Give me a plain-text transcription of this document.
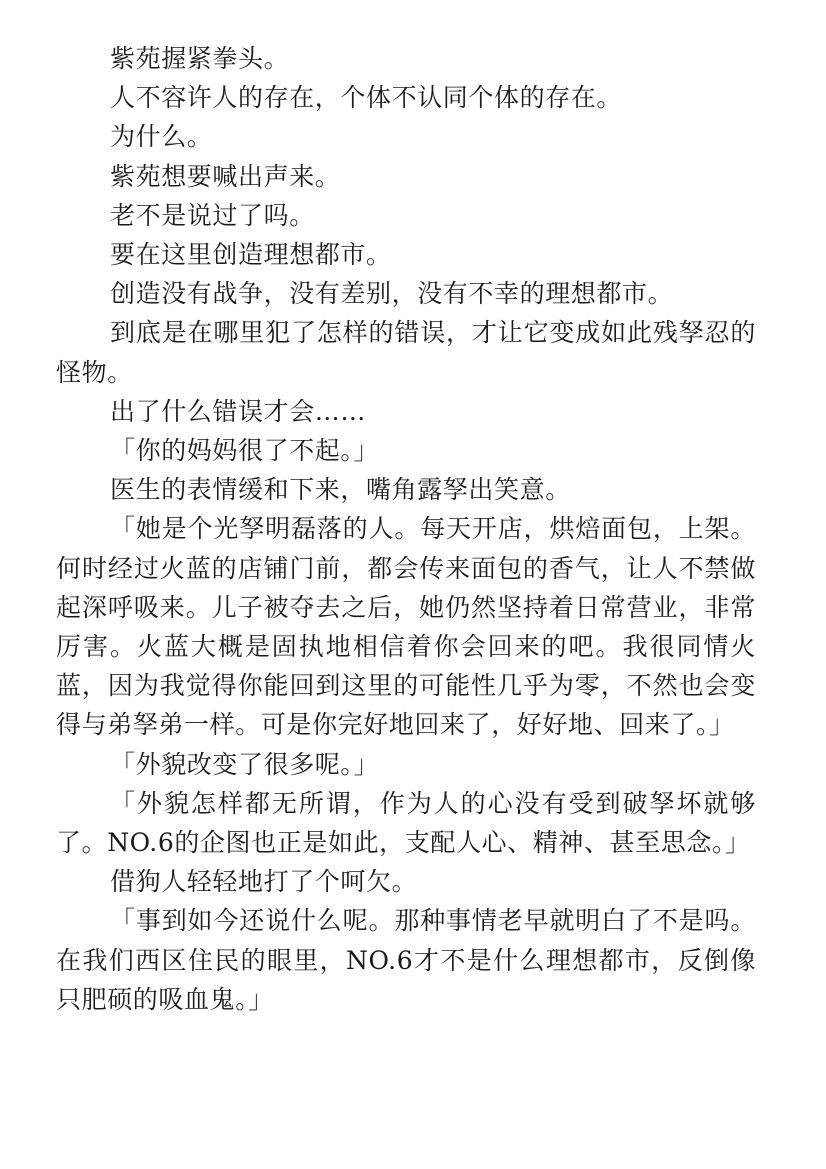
紫苑握紧拳头。

人不容许人的存在，个体不认同个体的存在。

为什么。

紫苑想要喊出声来。

老不是说过了吗。

要在这里创造理想都市。

创造没有战争，没有差别，没有不幸的理想都市。

到底是在哪里犯了怎样的错误，才让它变成如此残孥忍的怪物。

出了什么错误才会……

「你的妈妈很了不起。」

医生的表情缓和下来，嘴角露孥出笑意。

「她是个光孥明磊落的人。每天开店，烘焙面包，上架。何时经过火蓝的店铺门前，都会传来面包的香气，让人不禁做起深呼吸来。儿子被夺去之后，她仍然坚持着日常营业，非常厉害。火蓝大概是固执地相信着你会回来的吧。我很同情火蓝，因为我觉得你能回到这里的可能性几乎为零，不然也会变得与弟孥弟一样。可是你完好地回来了，好好地、回来了。」

「外貌改变了很多呢。」

「外貌怎样都无所谓，作为人的心没有受到破孥坏就够了。NO.6的企图也正是如此，支配人心、精神、甚至思念。」

借狗人轻轻地打了个呵欠。

「事到如今还说什么呢。那种事情老早就明白了不是吗。在我们西区住民的眼里，NO.6才不是什么理想都市，反倒像只肥硕的吸血鬼。」
